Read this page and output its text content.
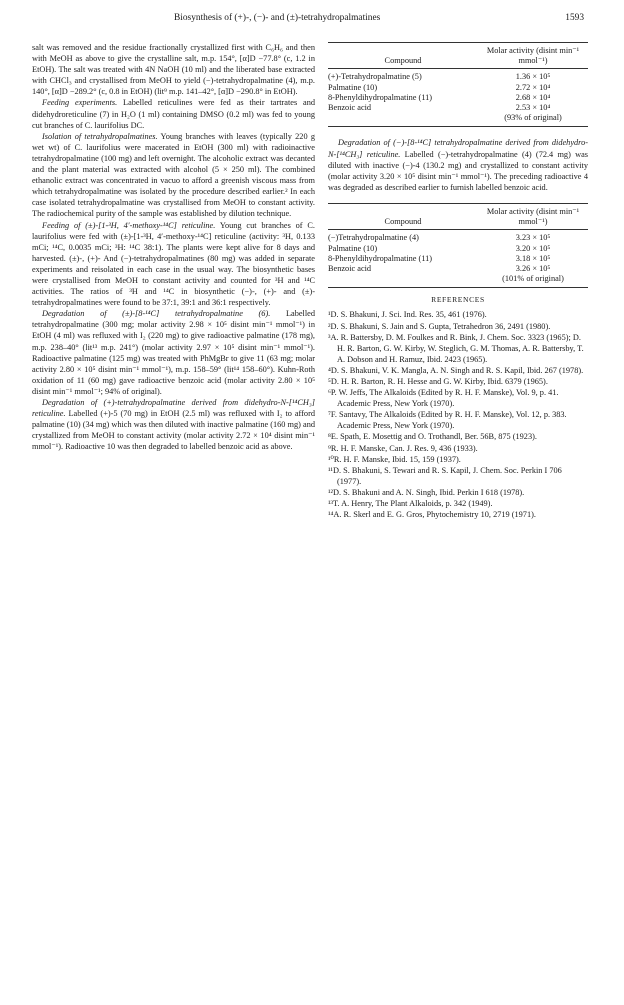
Biosynthesis of (+)-, (−)- and (±)-tetrahydropalmatines	1593

salt was removed and the residue fractionally crystallized first with C₆H₆ and then with MeOH as above to give the crystalline salt, m.p. 154°, [α]D −77.8° (c, 1.2 in EtOH). The salt was treated with 4N NaOH (10 ml) and the liberated base extracted with CHCl₃ and crystallised from MeOH to yield (−)-tetrahydropalmatine (4), m.p. 140°, [α]D −289.2° (c, 0.8 in EtOH) (lit⁹ m.p. 141–42°, [α]D −290.8° in EtOH).

Feeding experiments. Labelled reticulines were fed as their tartrates and didehydroreticuline (7) in H₂O (1 ml) containing DMSO (0.2 ml) was fed to young cut branches of C. laurifolius DC.

Isolation of tetrahydropalmatines. Young branches with leaves (typically 220 g wet wt) of C. laurifolius were macerated in EtOH (300 ml) with radioinactive tetrahydropalmatine (100 mg) and left overnight. The alcoholic extract was decanted and the plant material was extracted with alcohol (5 × 250 ml). The combined ethanolic extract was concentrated in vacuo to afford a greenish viscous mass from which tetrahydropalmatine was isolated by the procedure described earlier.² In each case isolated tetrahydropalmatine was crystallised from MeOH to constant activity. The radiochemical purity of the sample was established by dilution technique.

Feeding of (±)-[1-³H, 4′-methoxy-¹⁴C] reticuline. Young cut branches of C. laurifolius were fed with (±)-[1-³H, 4′-methoxy-¹⁴C] reticuline (activity: ³H, 0.133 mCi; ¹⁴C, 0.0035 mCi; ³H: ¹⁴C 38:1). The plants were kept alive for 8 days and harvested. (±)-, (+)- And (−)-tetrahydropalmatines (80 mg) was added in separate experiments and reisolated in each case in the usual way. The biosynthetic bases were crystallised from MeOH to constant activity and counted for ³H and ¹⁴C activities. The ratios of ³H and ¹⁴C in biosynthetic (−)-, (+)- and (±)-tetrahydropalmatines were found to be 37:1, 39:1 and 36:1 respectively.

Degradation of (±)-[8-¹⁴C] tetrahydropalmatine (6). Labelled tetrahydropalmatine (300 mg; molar activity 2.98 × 10⁵ disint min⁻¹ mmol⁻¹) in EtOH (4 ml) was refluxed with I₂ (220 mg) to give radioactive palmatine (178 mg), m.p. 238–40° (lit¹³ m.p. 241°) (molar activity 2.97 × 10⁵ disint min⁻¹ mmol⁻¹). Radioactive palmatine (125 mg) was treated with PhMgBr to give 11 (63 mg; molar activity 2.80 × 10⁵ disint min⁻¹ mmol⁻¹), m.p. 158–59° (lit¹⁴ 158–60°). Kuhn-Roth oxidation of 11 (60 mg) gave radioactive benzoic acid (molar activity 2.80 × 10⁵ disint min⁻¹ mmol⁻¹; 94% of original).

Degradation of (+)-tetrahydropalmatine derived from didehydro-N-[¹⁴CH₃] reticuline. Labelled (+)-5 (70 mg) in EtOH (2.5 ml) was refluxed with I₂ to afford palmatine (10) (34 mg) which was then diluted with inactive palmatine (160 mg) and crystallized from MeOH to constant activity (molar activity 2.72 × 10⁴ disint min⁻¹ mmol⁻¹). Radioactive 10 was then degraded to labelled benzoic acid as above.

Compound	Molar activity (disint min⁻¹ mmol⁻¹)
(+)-Tetrahydropalmatine (5)	1.36 × 10⁵
Palmatine (10)	2.72 × 10⁴
8-Phenyldihydropalmatine (11)	2.68 × 10⁴
Benzoic acid	2.53 × 10⁴
	(93% of original)

Degradation of (−)-[8-¹⁴C] tetrahydropalmatine derived from didehydro-N-[¹⁴CH₃] reticuline. Labelled (−)-tetrahydropalmatine (4) (72.4 mg) was diluted with inactive (−)-4 (130.2 mg) and crystallized to constant activity (molar activity 3.20 × 10⁵ disint min⁻¹ mmol⁻¹). The preceding radioactive 4 was degraded as described earlier to furnish labelled benzoic acid.

Compound	Molar activity (disint min⁻¹ mmol⁻¹)
(−)Tetrahydropalmatine (4)	3.23 × 10⁵
Palmatine (10)	3.20 × 10⁵
8-Phenyldihydropalmatine (11)	3.18 × 10⁵
Benzoic acid	3.26 × 10⁵
	(101% of original)
REFERENCES
¹D. S. Bhakuni, J. Sci. Ind. Res. 35, 461 (1976).
²D. S. Bhakuni, S. Jain and S. Gupta, Tetrahedron 36, 2491 (1980).
³A. R. Battersby, D. M. Foulkes and R. Bink, J. Chem. Soc. 3323 (1965); D. H. R. Barton, G. W. Kirby, W. Steglich, G. M. Thomas, A. R. Battersby, T. A. Dobson and H. Ramuz, Ibid. 2423 (1965).
⁴D. S. Bhakuni, V. K. Mangla, A. N. Singh and R. S. Kapil, Ibid. 267 (1978).
⁵D. H. R. Barton, R. H. Hesse and G. W. Kirby, Ibid. 6379 (1965).
⁶P. W. Jeffs, The Alkaloids (Edited by R. H. F. Manske), Vol. 9, p. 41. Academic Press, New York (1970).
⁷F. Santavy, The Alkaloids (Edited by R. H. F. Manske), Vol. 12, p. 383. Academic Press, New York (1970).
⁸E. Spath, E. Mosettig and O. Trothandl, Ber. 56B, 875 (1923).
⁹R. H. F. Manske, Can. J. Res. 9, 436 (1933).
¹⁰R. H. F. Manske, Ibid. 15, 159 (1937).
¹¹D. S. Bhakuni, S. Tewari and R. S. Kapil, J. Chem. Soc. Perkin I 706 (1977).
¹²D. S. Bhakuni and A. N. Singh, Ibid. Perkin I 618 (1978).
¹³T. A. Henry, The Plant Alkaloids, p. 342 (1949).
¹⁴A. R. Skerl and E. G. Gros, Phytochemistry 10, 2719 (1971).
